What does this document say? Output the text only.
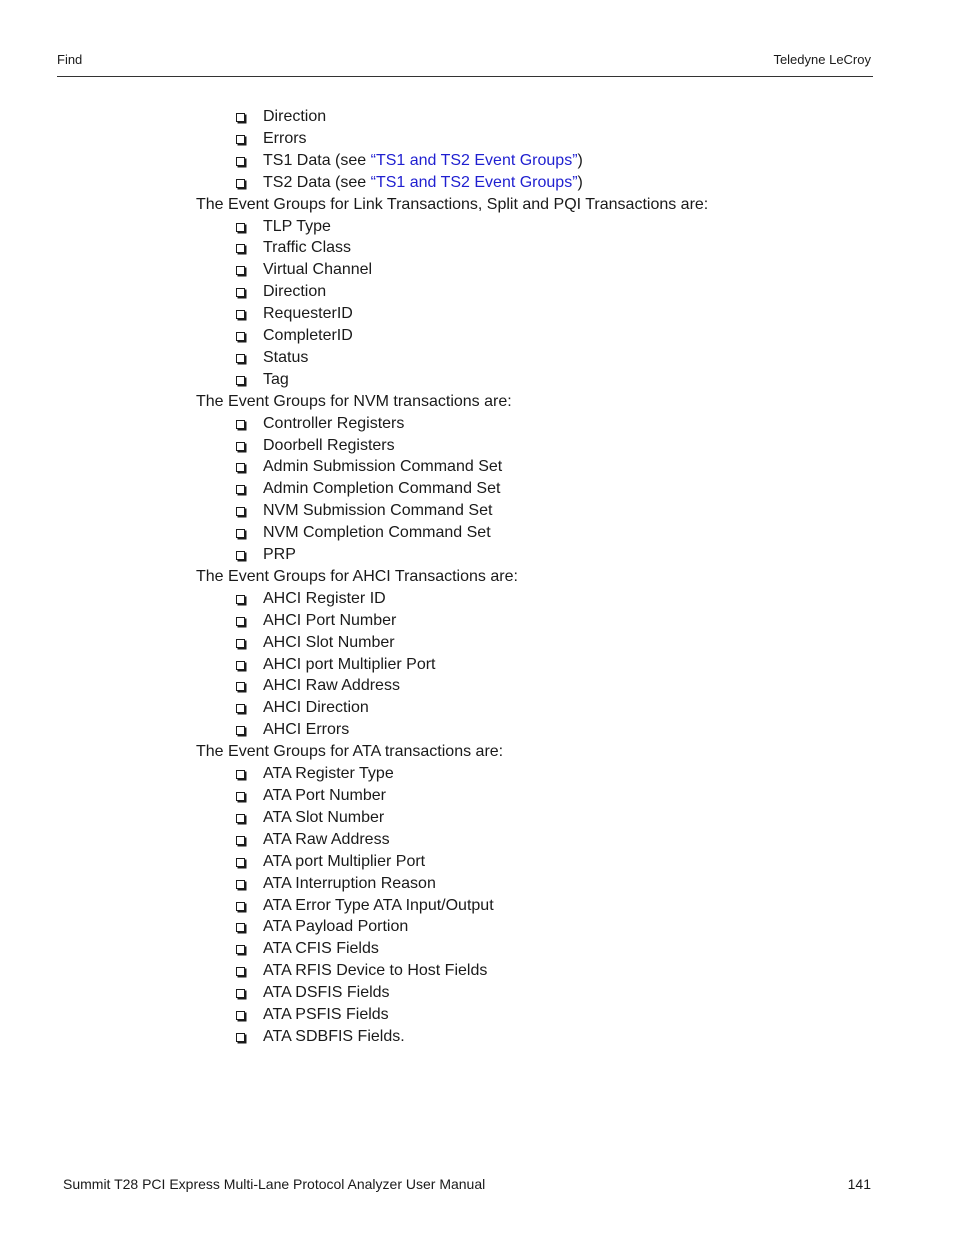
Find	Teledyne LeCroy
Direction
Errors
TS1 Data (see “TS1 and TS2 Event Groups”)
TS2 Data (see “TS1 and TS2 Event Groups”)

The Event Groups for Link Transactions, Split and PQI Transactions are:

TLP Type
Traffic Class
Virtual Channel
Direction
RequesterID
CompleterID
Status
Tag

The Event Groups for NVM transactions are:

Controller Registers
Doorbell Registers
Admin Submission Command Set
Admin Completion Command Set
NVM Submission Command Set
NVM Completion Command Set
PRP

The Event Groups for AHCI Transactions are:

AHCI Register ID
AHCI Port Number
AHCI Slot Number
AHCI port Multiplier Port
AHCI Raw Address
AHCI Direction
AHCI Errors

The Event Groups for ATA transactions are:

ATA Register Type
ATA Port Number
ATA Slot Number
ATA Raw Address
ATA port Multiplier Port
ATA Interruption Reason
ATA Error Type ATA Input/Output
ATA Payload Portion
ATA CFIS Fields
ATA RFIS Device to Host Fields
ATA DSFIS Fields
ATA PSFIS Fields
ATA SDBFIS Fields.
Summit T28 PCI Express Multi-Lane Protocol Analyzer User Manual	141
